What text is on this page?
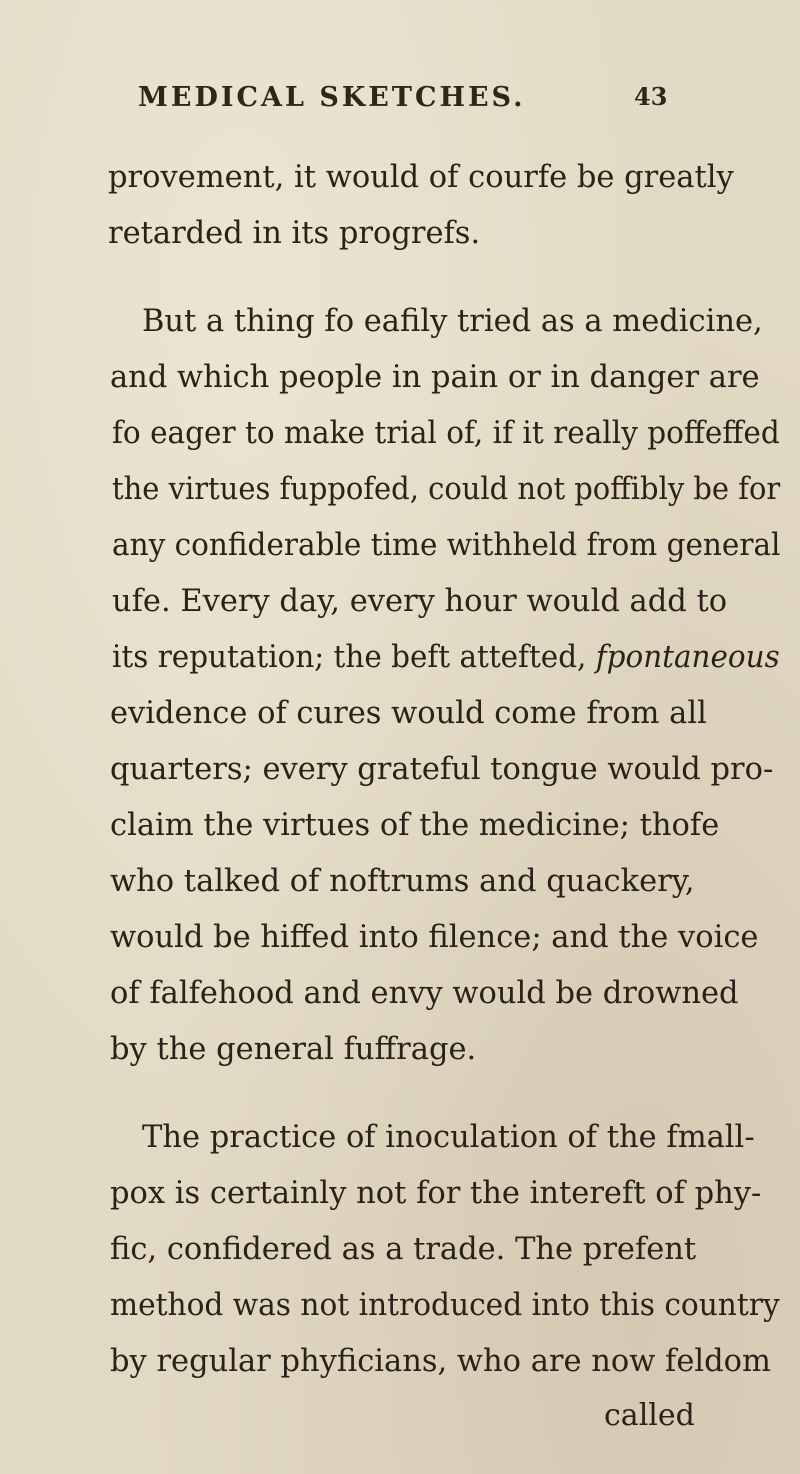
MEDICAL SKETCHES.	43
provement, it would of courfe be greatly
retarded in its progrefs.
But a thing fo eafily tried as a medicine,
and which people in pain or in danger are
fo eager to make trial of, if it really poffeffed
the virtues fuppofed, could not poffibly be for
any confiderable time withheld from general
ufe. Every day, every hour would add to
its reputation; the beft attefted, fpontaneous
evidence of cures would come from all
quarters; every grateful tongue would pro-
claim the virtues of the medicine; thofe
who talked of noftrums and quackery,
would be hiffed into filence; and the voice
of falfehood and envy would be drowned
by the general fuffrage.
The practice of inoculation of the fmall-
pox is certainly not for the intereft of phy-
fic, confidered as a trade. The prefent
method was not introduced into this country
by regular phyficians, who are now feldom
called
